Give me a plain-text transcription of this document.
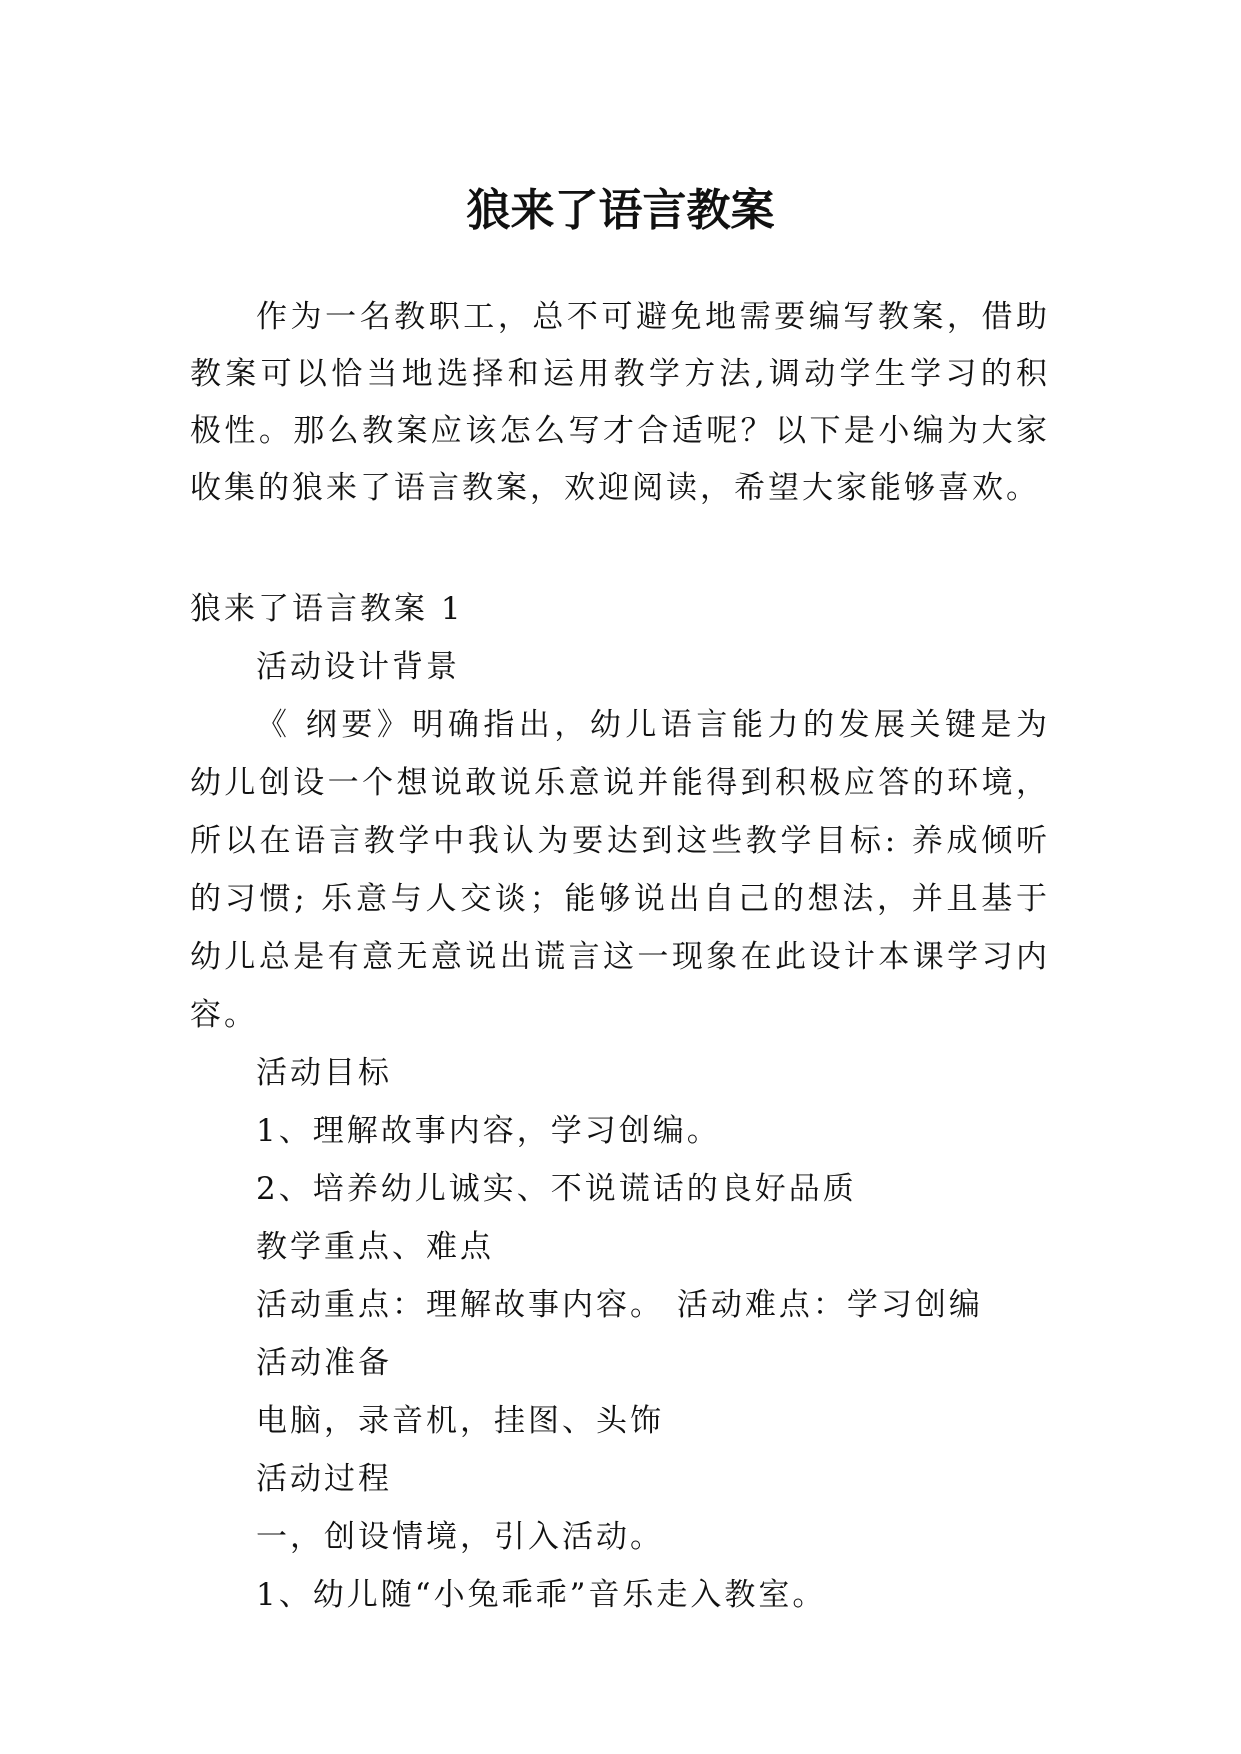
狼来了语言教案

作为一名教职工，总不可避免地需要编写教案，借助教案可以恰当地选择和运用教学方法,调动学生学习的积极性。那么教案应该怎么写才合适呢？以下是小编为大家收集的狼来了语言教案，欢迎阅读，希望大家能够喜欢。

狼来了语言教案 1

活动设计背景

《 纲要》明确指出，幼儿语言能力的发展关键是为幼儿创设一个想说敢说乐意说并能得到积极应答的环境，所以在语言教学中我认为要达到这些教学目标: 养成倾听的习惯; 乐意与人交谈；能够说出自己的想法，并且基于幼儿总是有意无意说出谎言这一现象在此设计本课学习内容。

活动目标

1、理解故事内容，学习创编。

2、培养幼儿诚实、不说谎话的良好品质

教学重点、难点

活动重点：理解故事内容。 活动难点：学习创编

活动准备

电脑，录音机，挂图、头饰

活动过程

一，创设情境，引入活动。

1、幼儿随“小兔乖乖”音乐走入教室。
